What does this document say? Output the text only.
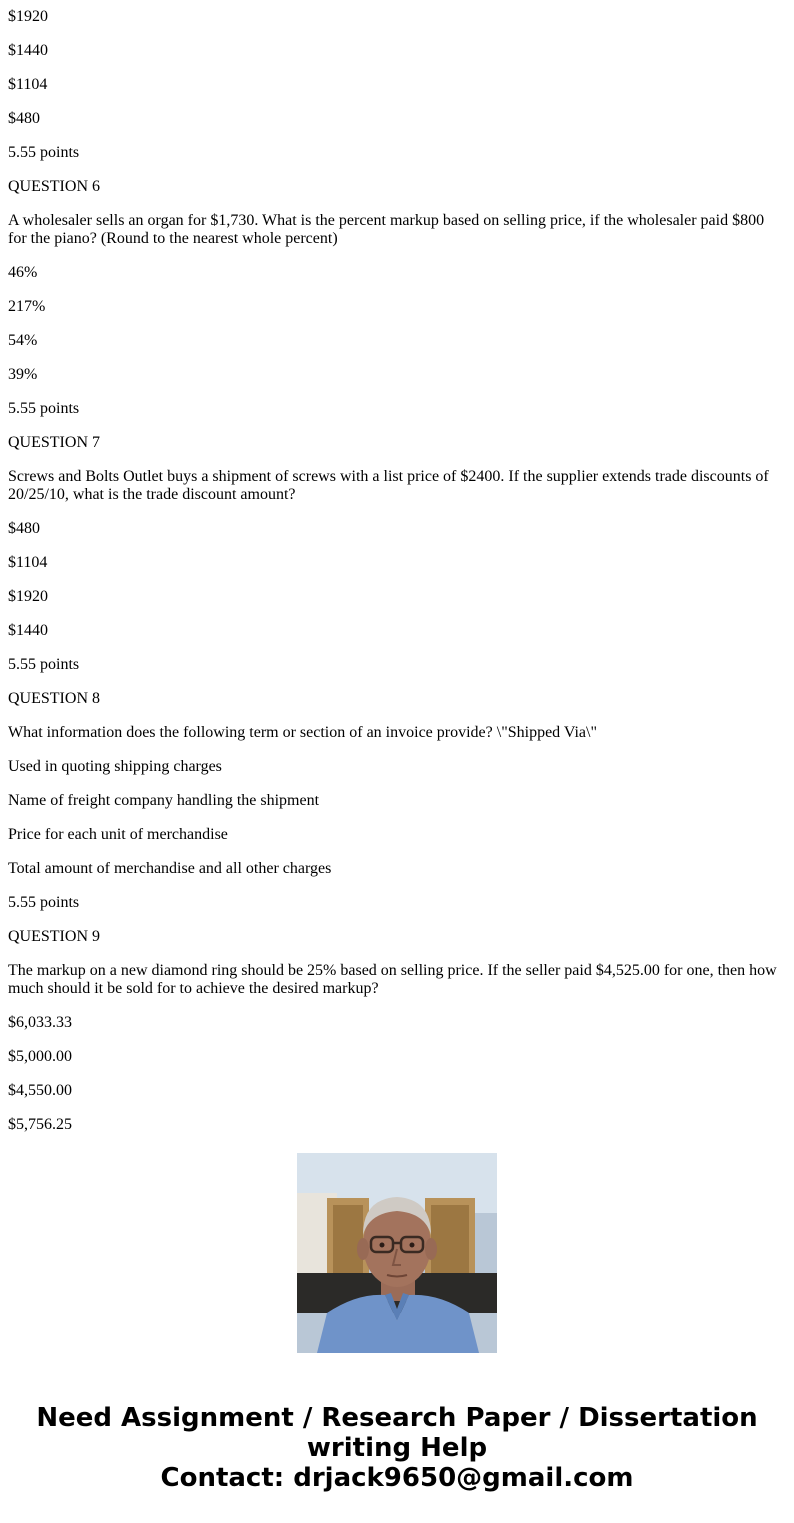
$1920

$1440

$1104

$480

5.55 points

QUESTION 6

A wholesaler sells an organ for $1,730. What is the percent markup based on selling price, if the wholesaler paid $800 for the piano? (Round to the nearest whole percent)

46%

217%

54%

39%

5.55 points

QUESTION 7

Screws and Bolts Outlet buys a shipment of screws with a list price of $2400. If the supplier extends trade discounts of 20/25/10, what is the trade discount amount?

$480

$1104

$1920

$1440

5.55 points

QUESTION 8

What information does the following term or section of an invoice provide? \"Shipped Via\"

Used in quoting shipping charges

Name of freight company handling the shipment

Price for each unit of merchandise

Total amount of merchandise and all other charges

5.55 points

QUESTION 9

The markup on a new diamond ring should be 25% based on selling price. If the seller paid $4,525.00 for one, then how much should it be sold for to achieve the desired markup?

$6,033.33

$5,000.00

$4,550.00

$5,756.25

Need Assignment / Research Paper / Dissertation
writing Help
Contact: drjack9650@gmail.com
